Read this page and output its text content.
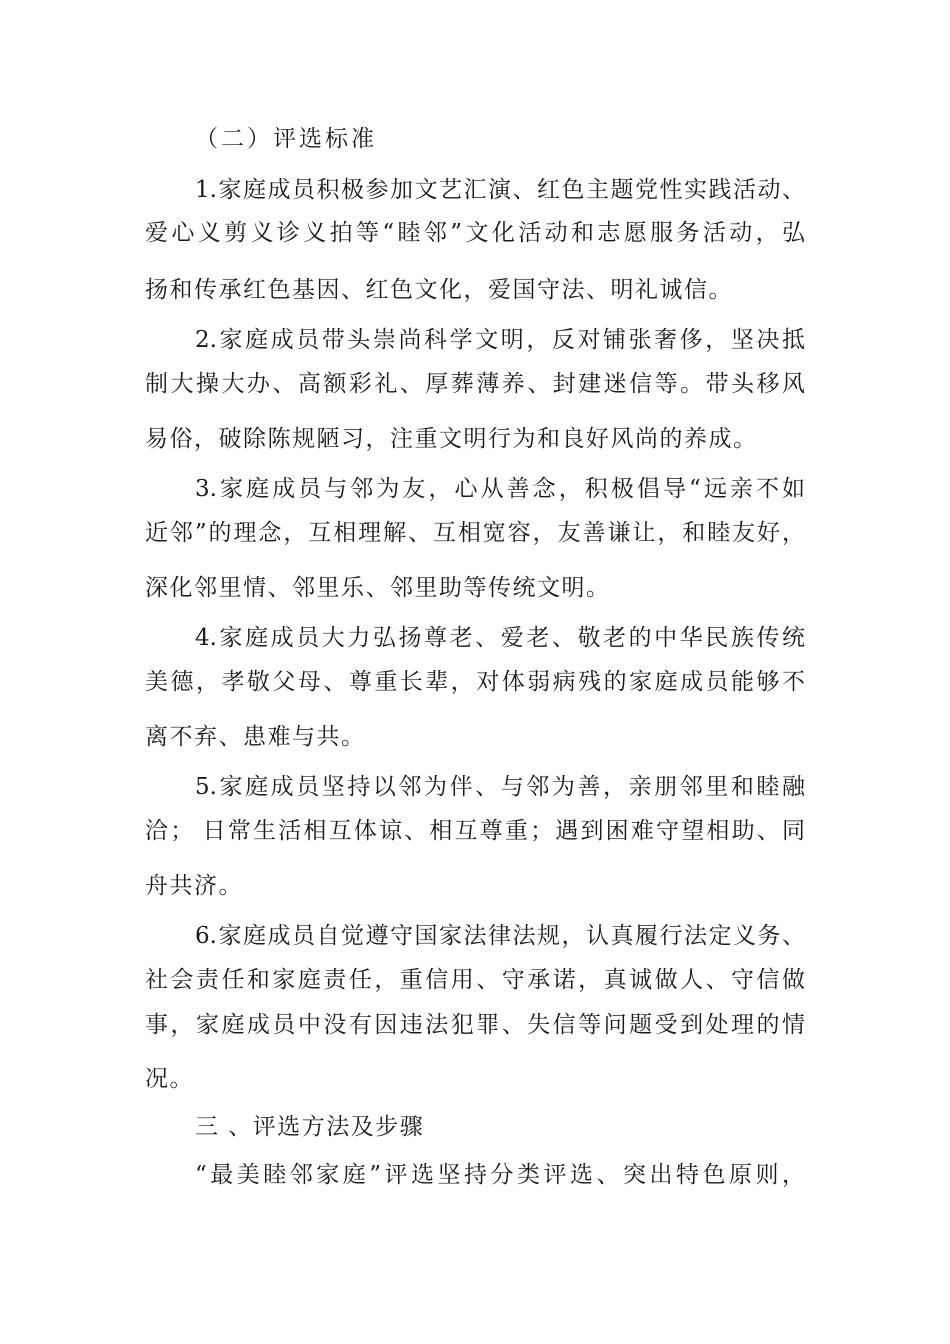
（二）评选标准
1.家庭成员积极参加文艺汇演、红色主题党性实践活动、
爱心义剪义诊义拍等“睦邻”文化活动和志愿服务活动，弘
扬和传承红色基因、红色文化，爱国守法、明礼诚信。
2.家庭成员带头崇尚科学文明，反对铺张奢侈，坚决抵
制大操大办、高额彩礼、厚葬薄养、封建迷信等。带头移风
易俗，破除陈规陋习，注重文明行为和良好风尚的养成。
3.家庭成员与邻为友，心从善念，积极倡导“远亲不如
近邻”的理念，互相理解、互相宽容，友善谦让，和睦友好，
深化邻里情、邻里乐、邻里助等传统文明。
4.家庭成员大力弘扬尊老、爱老、敬老的中华民族传统
美德，孝敬父母、尊重长辈，对体弱病残的家庭成员能够不
离不弃、患难与共。
5.家庭成员坚持以邻为伴、与邻为善，亲朋邻里和睦融
洽； 日常生活相互体谅、相互尊重；遇到困难守望相助、同
舟共济。
6.家庭成员自觉遵守国家法律法规，认真履行法定义务、
社会责任和家庭责任，重信用、守承诺，真诚做人、守信做
事，家庭成员中没有因违法犯罪、失信等问题受到处理的情
况。
三 、评选方法及步骤
“最美睦邻家庭”评选坚持分类评选、突出特色原则，
